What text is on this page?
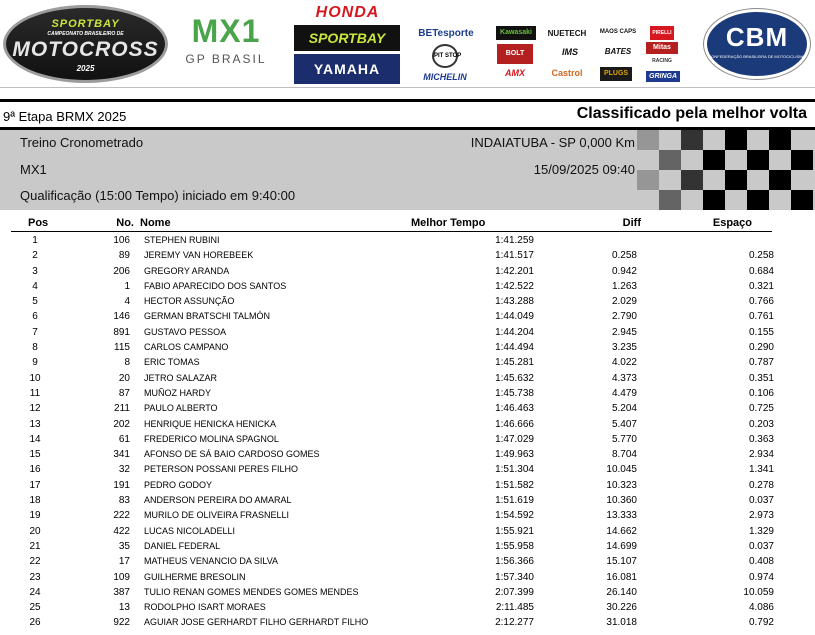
SPORTBAY
CAMPEONATO BRASILEIRO DE
MOTOCROSS
2025
MX1
GP BRASIL
HONDA
SPORTBAY
YAMAHA
BETesporte
PIT STOP
MICHELIN
Kawasaki
BOLT
AMX
NUETECH
IMS
Castrol
MAOS CAPS
BATES
PLUGS
PIRELLI
Mitas
RACING
GRINGA
CBM
CONFEDERAÇÃO BRASILEIRA DE MOTOCICLISMO
9ª Etapa BRMX 2025	Classificado pela melhor volta
Treino Cronometrado
MX1
Qualificação (15:00 Tempo) iniciado em 9:40:00
INDAIATUBA - SP 0,000 Km
15/09/2025 09:40
Pos	No. Nome	Melhor Tempo	Diff	Espaço
1	106 STEPHEN RUBINI	1:41.259
2	89 JEREMY VAN HOREBEEK	1:41.517	0.258	0.258
3	206 GREGORY ARANDA	1:42.201	0.942	0.684
4	1 FABIO APARECIDO DOS SANTOS	1:42.522	1.263	0.321
5	4 HECTOR ASSUNÇÃO	1:43.288	2.029	0.766
6	146 GERMAN BRATSCHI TALMÓN	1:44.049	2.790	0.761
7	891 GUSTAVO PESSOA	1:44.204	2.945	0.155
8	115 CARLOS CAMPANO	1:44.494	3.235	0.290
9	8 ERIC TOMAS	1:45.281	4.022	0.787
10	20 JETRO SALAZAR	1:45.632	4.373	0.351
11	87 MUÑOZ HARDY	1:45.738	4.479	0.106
12	211 PAULO ALBERTO	1:46.463	5.204	0.725
13	202 HENRIQUE HENICKA HENICKA	1:46.666	5.407	0.203
14	61 FREDERICO MOLINA SPAGNOL	1:47.029	5.770	0.363
15	341 AFONSO DE SÁ BAIO CARDOSO GOMES	1:49.963	8.704	2.934
16	32 PETERSON POSSANI PERES FILHO	1:51.304	10.045	1.341
17	191 PEDRO GODOY	1:51.582	10.323	0.278
18	83 ANDERSON PEREIRA DO AMARAL	1:51.619	10.360	0.037
19	222 MURILO DE OLIVEIRA FRASNELLI	1:54.592	13.333	2.973
20	422 LUCAS NICOLADELLI	1:55.921	14.662	1.329
21	35 DANIEL FEDERAL	1:55.958	14.699	0.037
22	17 MATHEUS VENANCIO DA SILVA	1:56.366	15.107	0.408
23	109 GUILHERME BRESOLIN	1:57.340	16.081	0.974
24	387 TULIO RENAN GOMES MENDES GOMES MENDES	2:07.399	26.140	10.059
25	13 RODOLPHO ISART MORAES	2:11.485	30.226	4.086
26	922 AGUIAR JOSE GERHARDT FILHO GERHARDT FILHO	2:12.277	31.018	0.792
